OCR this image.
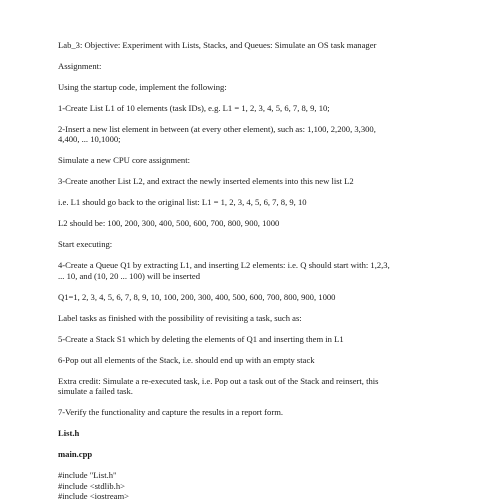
Lab_3: Objective: Experiment with Lists, Stacks, and Queues: Simulate an OS task manager

Assignment:

Using the startup code, implement the following:

1-Create List L1 of 10 elements (task IDs), e.g. L1 = 1, 2, 3, 4, 5, 6, 7, 8, 9, 10;

2-Insert a new list element in between (at every other element), such as: 1,100, 2,200, 3,300,
4,400, ... 10,1000;

Simulate a new CPU core assignment:

3-Create another List L2, and extract the newly inserted elements into this new list L2

i.e. L1 should go back to the original list: L1 = 1, 2, 3, 4, 5, 6, 7, 8, 9, 10

L2 should be: 100, 200, 300, 400, 500, 600, 700, 800, 900, 1000

Start executing:

4-Create a Queue Q1 by extracting L1, and inserting L2 elements: i.e. Q should start with: 1,2,3,
... 10, and (10, 20 ... 100) will be inserted

Q1=1, 2, 3, 4, 5, 6, 7, 8, 9, 10, 100, 200, 300, 400, 500, 600, 700, 800, 900, 1000

Label tasks as finished with the possibility of revisiting a task, such as:

5-Create a Stack S1 which by deleting the elements of Q1 and inserting them in L1

6-Pop out all elements of the Stack, i.e. should end up with an empty stack

Extra credit: Simulate a re-executed task, i.e. Pop out a task out of the Stack and reinsert, this
simulate a failed task.

7-Verify the functionality and capture the results in a report form.

List.h

main.cpp

#include "List.h"

#include <stdlib.h>

#include <iostream>
